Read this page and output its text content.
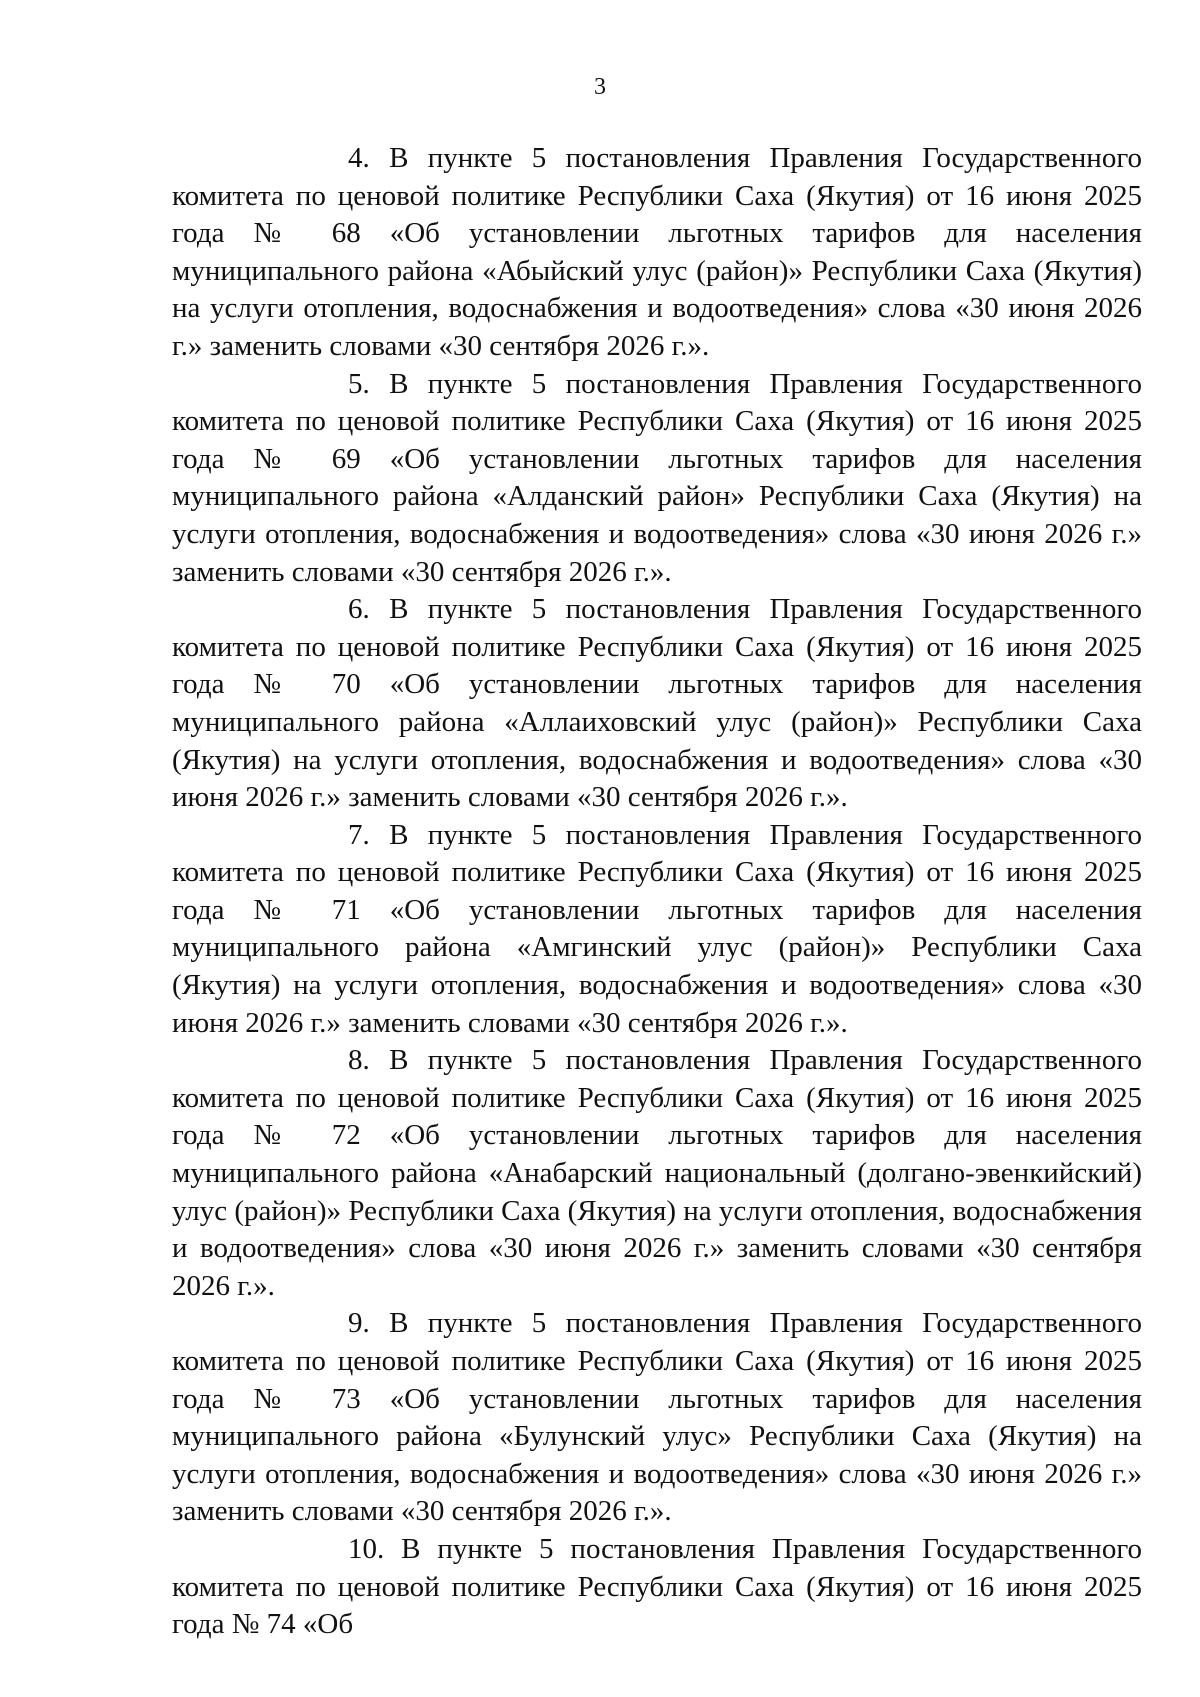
3

4. В пункте 5 постановления Правления Государственного комитета по ценовой политике Республики Саха (Якутия) от 16 июня 2025 года № 68 «Об установлении льготных тарифов для населения муниципального района «Абыйский улус (район)» Республики Саха (Якутия) на услуги отопления, водоснабжения и водоотведения» слова «30 июня 2026 г.» заменить словами «30 сентября 2026 г.».

5. В пункте 5 постановления Правления Государственного комитета по ценовой политике Республики Саха (Якутия) от 16 июня 2025 года № 69 «Об установлении льготных тарифов для населения муниципального района «Алданский район» Республики Саха (Якутия) на услуги отопления, водоснабжения и водоотведения» слова «30 июня 2026 г.» заменить словами «30 сентября 2026 г.».

6. В пункте 5 постановления Правления Государственного комитета по ценовой политике Республики Саха (Якутия) от 16 июня 2025 года № 70 «Об установлении льготных тарифов для населения муниципального района «Аллаиховский улус (район)» Республики Саха (Якутия) на услуги отопления, водоснабжения и водоотведения» слова «30 июня 2026 г.» заменить словами «30 сентября 2026 г.».

7. В пункте 5 постановления Правления Государственного комитета по ценовой политике Республики Саха (Якутия) от 16 июня 2025 года № 71 «Об установлении льготных тарифов для населения муниципального района «Амгинский улус (район)» Республики Саха (Якутия) на услуги отопления, водоснабжения и водоотведения» слова «30 июня 2026 г.» заменить словами «30 сентября 2026 г.».

8. В пункте 5 постановления Правления Государственного комитета по ценовой политике Республики Саха (Якутия) от 16 июня 2025 года № 72 «Об установлении льготных тарифов для населения муниципального района «Анабарский национальный (долгано-эвенкийский) улус (район)» Республики Саха (Якутия) на услуги отопления, водоснабжения и водоотведения» слова «30 июня 2026 г.» заменить словами «30 сентября 2026 г.».

9. В пункте 5 постановления Правления Государственного комитета по ценовой политике Республики Саха (Якутия) от 16 июня 2025 года № 73 «Об установлении льготных тарифов для населения муниципального района «Булунский улус» Республики Саха (Якутия) на услуги отопления, водоснабжения и водоотведения» слова «30 июня 2026 г.» заменить словами «30 сентября 2026 г.».

10. В пункте 5 постановления Правления Государственного комитета по ценовой политике Республики Саха (Якутия) от 16 июня 2025 года № 74 «Об
